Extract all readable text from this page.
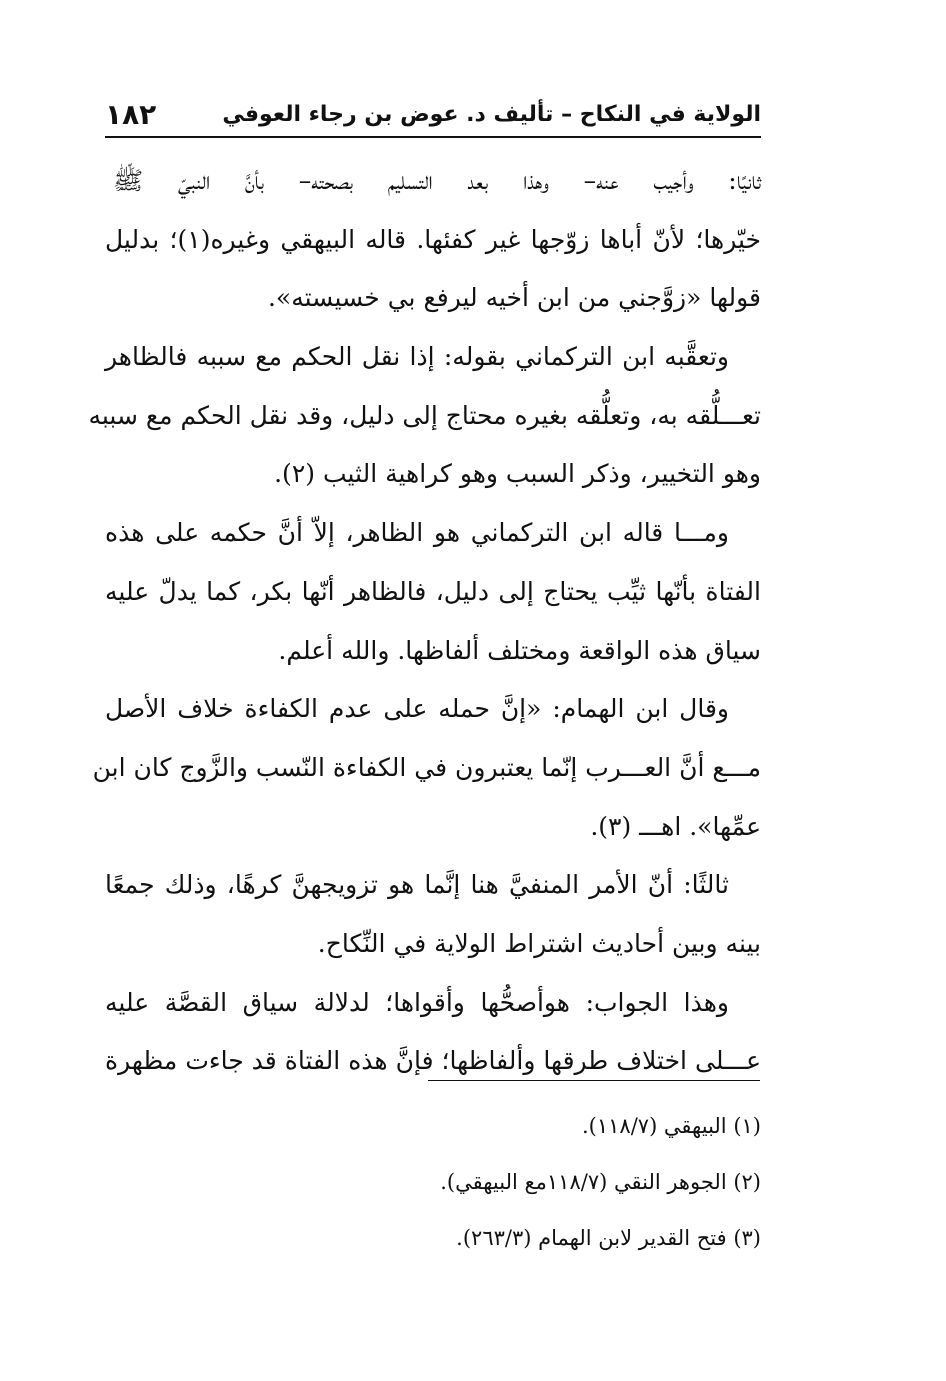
الولاية في النكاح – تأليف د. عوض بن رجاء العوفي
١٨٢
ثانيًا: وأجيب عنه– وهذا بعد التسليم بصحته– بأنَّ النبيّ ﷺ
خيّرها؛ لأنّ أباها زوّجها غير كفئها. قاله البيهقي وغيره(١)؛ بدليل
قولها «زوَّجني من ابن أخيه ليرفع بي خسيسته».
وتعقَّبه ابن التركماني بقوله: إذا نقل الحكم مع سببه فالظاهر
تعـــلُّقه به، وتعلُّقه بغيره محتاج إلى دليل، وقد نقل الحكم مع سببه
وهو التخيير، وذكر السبب وهو كراهية الثيب (٢).
ومـــا قاله ابن التركماني هو الظاهر، إلاّ أنَّ حكمه على هذه
الفتاة بأنّها ثيِّب يحتاج إلى دليل، فالظاهر أنّها بكر، كما يدلّ عليه
سياق هذه الواقعة ومختلف ألفاظها. والله أعلم.
وقال ابن الهمام: «إنَّ حمله على عدم الكفاءة خلاف الأصل
مـــع أنَّ العـــرب إنّما يعتبرون في الكفاءة النّسب والزَّوج كان ابن
عمِّها». اهـــ (٣).
ثالثًا: أنّ الأمر المنفيَّ هنا إنَّما هو تزويجهنَّ كرهًا، وذلك جمعًا
بينه وبين أحاديث اشتراط الولاية في النِّكاح.
وهذا الجواب: هوأصحُّها وأقواها؛ لدلالة سياق القصَّة عليه
عـــلى اختلاف طرقها وألفاظها؛ فإنَّ هذه الفتاة قد جاءت مظهرة
(١) البيهقي (١١٨/٧).
(٢) الجوهر النقي (١١٨/٧مع البيهقي).
(٣) فتح القدير لابن الهمام (٢٦٣/٣).
